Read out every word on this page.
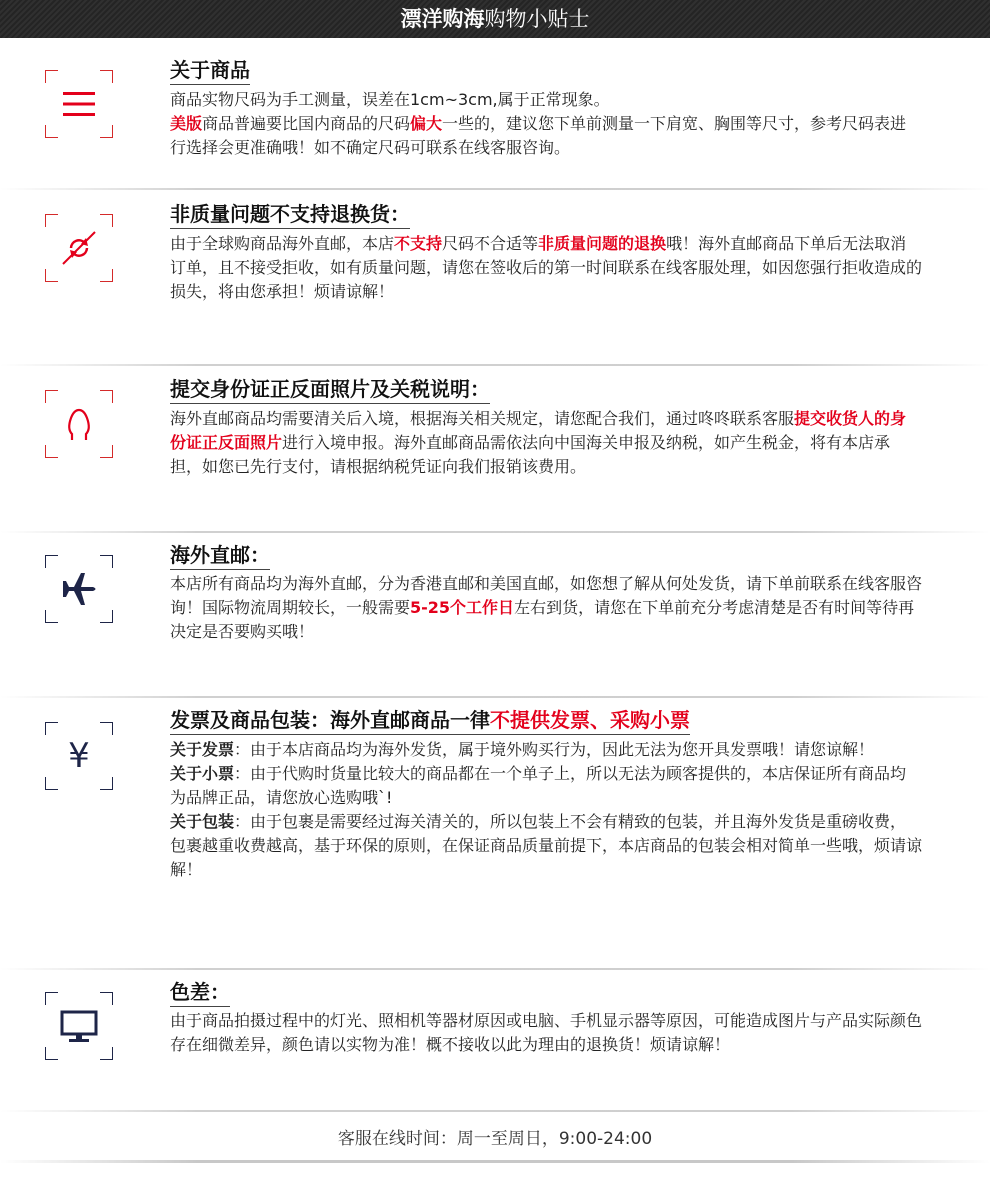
漂洋购海购物小贴士
关于商品
商品实物尺码为手工测量，误差在1cm~3cm,属于正常现象。
美版商品普遍要比国内商品的尺码偏大一些的，建议您下单前测量一下肩宽、胸围等尺寸，参考尺码表进行选择会更准确哦！如不确定尺码可联系在线客服咨询。
非质量问题不支持退换货：
由于全球购商品海外直邮，本店不支持尺码不合适等非质量问题的退换哦！海外直邮商品下单后无法取消订单，且不接受拒收，如有质量问题，请您在签收后的第一时间联系在线客服处理，如因您强行拒收造成的损失，将由您承担！烦请谅解！
提交身份证正反面照片及关税说明：
海外直邮商品均需要清关后入境，根据海关相关规定，请您配合我们，通过咚咚联系客服提交收货人的身份证正反面照片进行入境申报。海外直邮商品需依法向中国海关申报及纳税，如产生税金，将有本店承担，如您已先行支付，请根据纳税凭证向我们报销该费用。
海外直邮：
本店所有商品均为海外直邮，分为香港直邮和美国直邮，如您想了解从何处发货，请下单前联系在线客服咨询！国际物流周期较长，一般需要5-25个工作日左右到货，请您在下单前充分考虑清楚是否有时间等待再决定是否要购买哦！
¥
发票及商品包装：海外直邮商品一律不提供发票、采购小票
关于发票：由于本店商品均为海外发货，属于境外购买行为，因此无法为您开具发票哦！请您谅解！
关于小票：由于代购时货量比较大的商品都在一个单子上，所以无法为顾客提供的，本店保证所有商品均为品牌正品，请您放心选购哦`!
关于包装：由于包裹是需要经过海关清关的，所以包装上不会有精致的包装，并且海外发货是重磅收费，包裹越重收费越高，基于环保的原则，在保证商品质量前提下，本店商品的包装会相对简单一些哦，烦请谅解！
色差：
由于商品拍摄过程中的灯光、照相机等器材原因或电脑、手机显示器等原因，可能造成图片与产品实际颜色存在细微差异，颜色请以实物为准！概不接收以此为理由的退换货！烦请谅解！
客服在线时间：周一至周日，9:00-24:00
